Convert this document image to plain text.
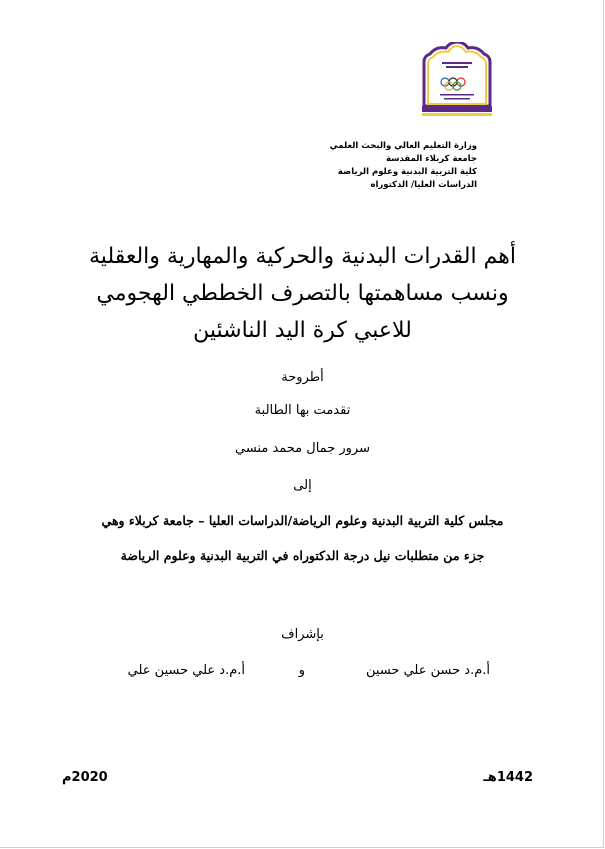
وزارة التعليم العالي والبحث العلمي
جامعة كربلاء المقدسة
كلية التربية البدنية وعلوم الرياضة
الدراسات العليا/ الدكتوراه
أهم القدرات البدنية والحركية والمهارية والعقلية
ونسب مساهمتها بالتصرف الخططي الهجومي
للاعبي كرة اليد الناشئين
أطروحة
تقدمت بها الطالبة
سرور جمال محمد منسي
إلى
مجلس كلية التربية البدنية وعلوم الرياضة/الدراسات العليا – جامعة كربلاء وهي
جزء من متطلبات نيل درجة الدكتوراه في التربية البدنية وعلوم الرياضة
بإشراف
أ.م.د حسن علي حسين
و
أ.م.د علي حسين علي
1442هـ
2020م
